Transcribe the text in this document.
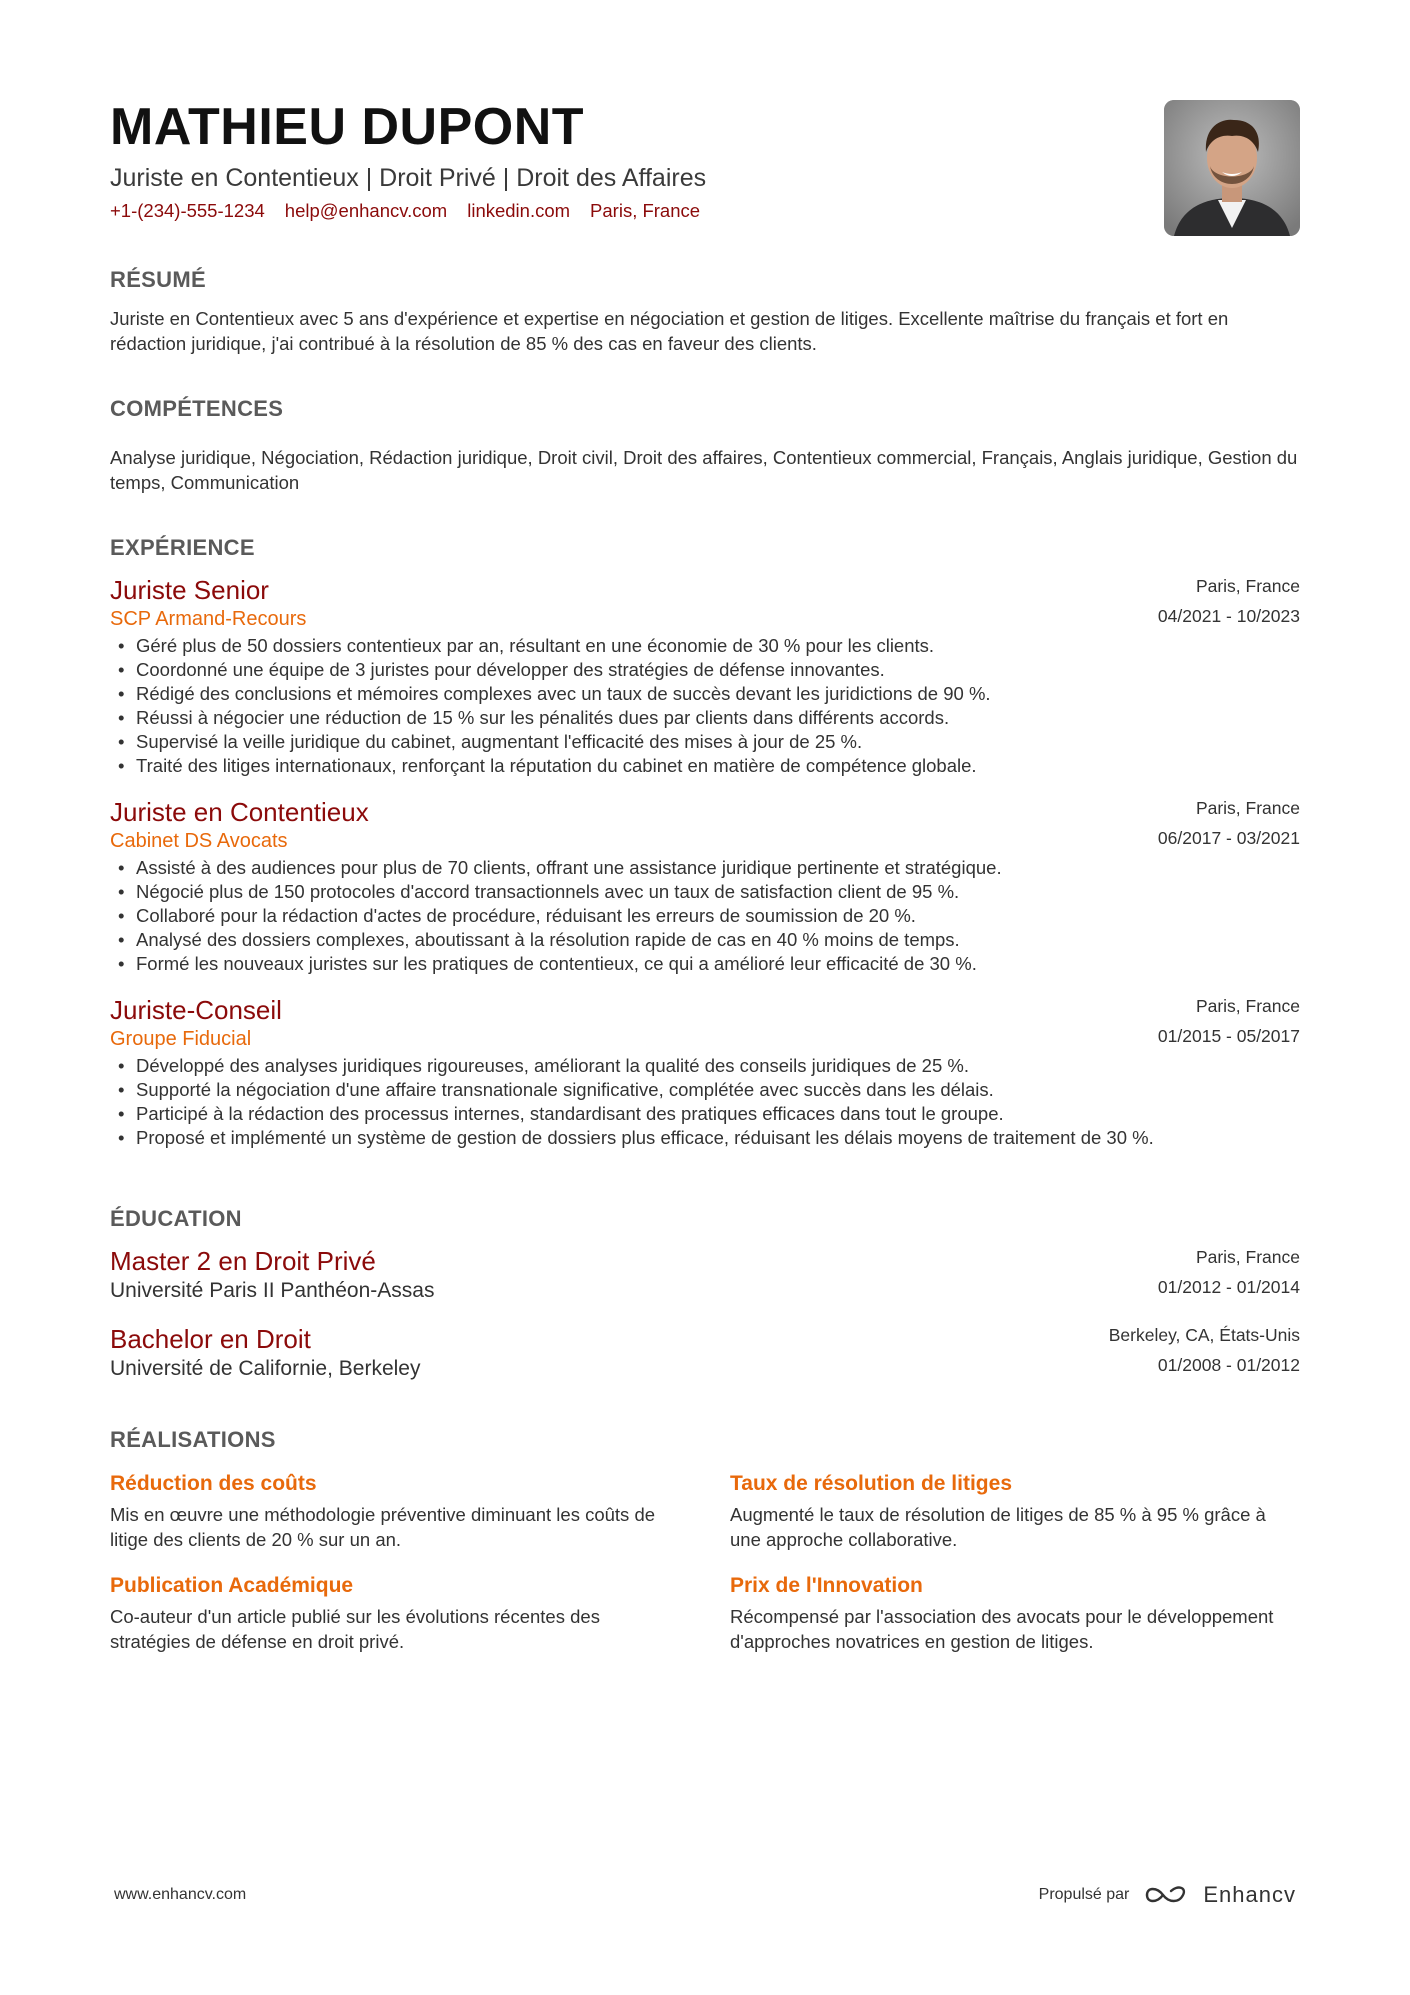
MATHIEU DUPONT
Juriste en Contentieux | Droit Privé | Droit des Affaires
+1-(234)-555-1234 help@enhancv.com linkedin.com Paris, France
RÉSUMÉ
Juriste en Contentieux avec 5 ans d'expérience et expertise en négociation et gestion de litiges. Excellente maîtrise du français et fort en rédaction juridique, j'ai contribué à la résolution de 85 % des cas en faveur des clients.
COMPÉTENCES
Analyse juridique, Négociation, Rédaction juridique, Droit civil, Droit des affaires, Contentieux commercial, Français, Anglais juridique, Gestion du temps, Communication
EXPÉRIENCE
Juriste Senior
SCP Armand-Recours
Paris, France
04/2021 - 10/2023
• Géré plus de 50 dossiers contentieux par an, résultant en une économie de 30 % pour les clients.
• Coordonné une équipe de 3 juristes pour développer des stratégies de défense innovantes.
• Rédigé des conclusions et mémoires complexes avec un taux de succès devant les juridictions de 90 %.
• Réussi à négocier une réduction de 15 % sur les pénalités dues par clients dans différents accords.
• Supervisé la veille juridique du cabinet, augmentant l'efficacité des mises à jour de 25 %.
• Traité des litiges internationaux, renforçant la réputation du cabinet en matière de compétence globale.
Juriste en Contentieux
Cabinet DS Avocats
Paris, France
06/2017 - 03/2021
• Assisté à des audiences pour plus de 70 clients, offrant une assistance juridique pertinente et stratégique.
• Négocié plus de 150 protocoles d'accord transactionnels avec un taux de satisfaction client de 95 %.
• Collaboré pour la rédaction d'actes de procédure, réduisant les erreurs de soumission de 20 %.
• Analysé des dossiers complexes, aboutissant à la résolution rapide de cas en 40 % moins de temps.
• Formé les nouveaux juristes sur les pratiques de contentieux, ce qui a amélioré leur efficacité de 30 %.
Juriste-Conseil
Groupe Fiducial
Paris, France
01/2015 - 05/2017
• Développé des analyses juridiques rigoureuses, améliorant la qualité des conseils juridiques de 25 %.
• Supporté la négociation d'une affaire transnationale significative, complétée avec succès dans les délais.
• Participé à la rédaction des processus internes, standardisant des pratiques efficaces dans tout le groupe.
• Proposé et implémenté un système de gestion de dossiers plus efficace, réduisant les délais moyens de traitement de 30 %.
ÉDUCATION
Master 2 en Droit Privé
Université Paris II Panthéon-Assas
Paris, France
01/2012 - 01/2014
Bachelor en Droit
Université de Californie, Berkeley
Berkeley, CA, États-Unis
01/2008 - 01/2012
RÉALISATIONS
Réduction des coûts
Mis en œuvre une méthodologie préventive diminuant les coûts de litige des clients de 20 % sur un an.
Taux de résolution de litiges
Augmenté le taux de résolution de litiges de 85 % à 95 % grâce à une approche collaborative.
Publication Académique
Co-auteur d'un article publié sur les évolutions récentes des stratégies de défense en droit privé.
Prix de l'Innovation
Récompensé par l'association des avocats pour le développement d'approches novatrices en gestion de litiges.
www.enhancv.com	Propulsé par	Enhancv
